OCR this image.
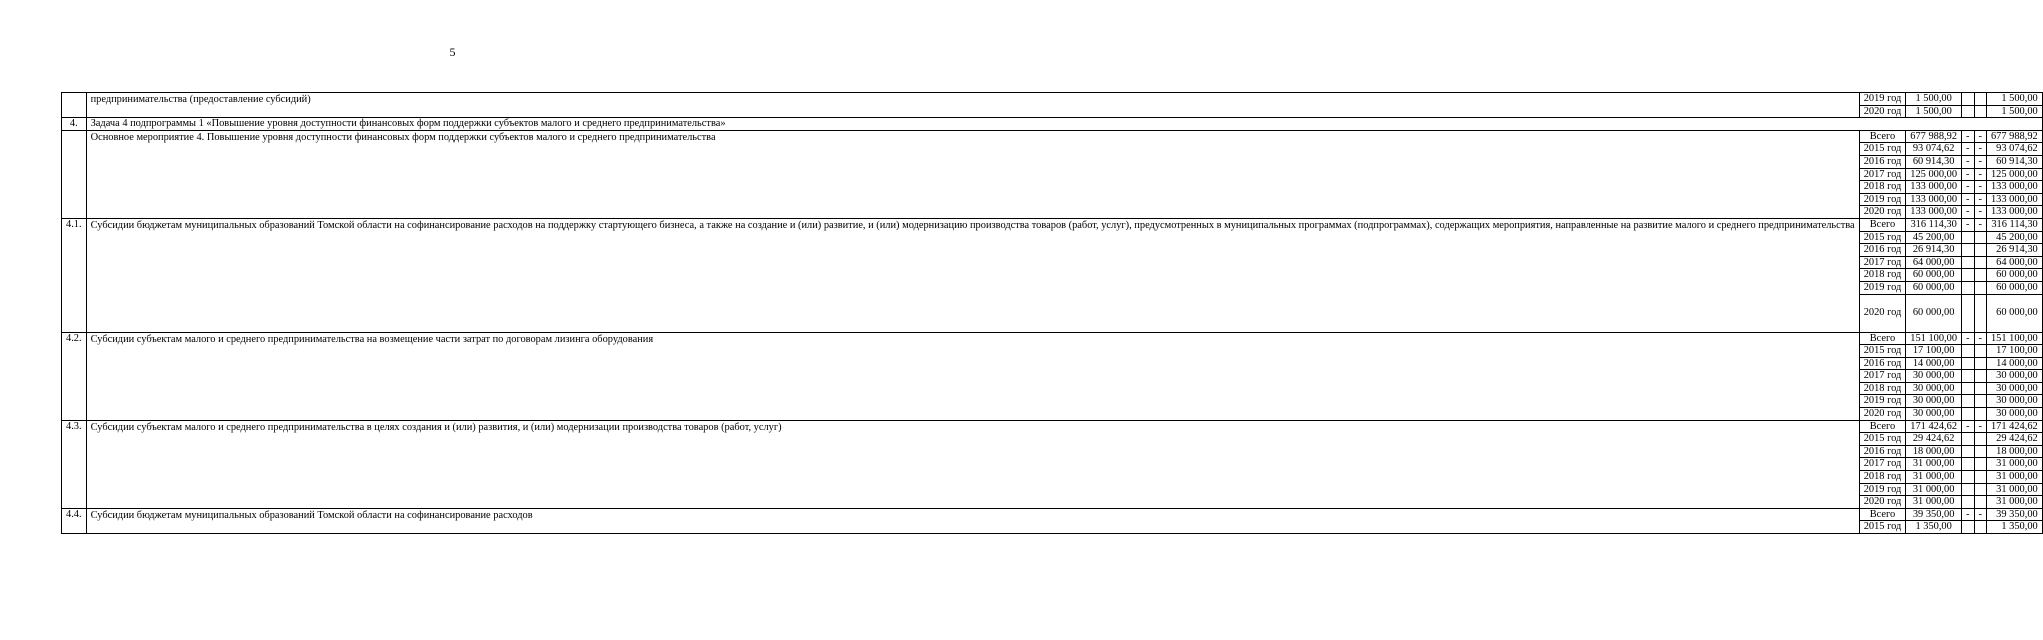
5
	предпринимательства (предоставление субсидий)	2019 год	1 500,00			1 500,00
		2020 год	1 500,00			1 500,00
4.	Задача 4 подпрограммы 1 «Повышение уровня доступности финансовых форм поддержки субъектов малого и среднего предпринимательства»					
	Основное мероприятие 4. Повышение уровня доступности финансовых форм поддержки субъектов малого и среднего предпринимательства	Всего	677 988,92	-	-	677 988,92
		2015 год	93 074,62	-	-	93 074,62
		2016 год	60 914,30	-	-	60 914,30
		2017 год	125 000,00	-	-	125 000,00
		2018 год	133 000,00	-	-	133 000,00
		2019 год	133 000,00	-	-	133 000,00
		2020 год	133 000,00	-	-	133 000,00
4.1.	Субсидии бюджетам муниципальных образований Томской области на софинансирование расходов на поддержку стартующего бизнеса, а также на создание и (или) развитие, и (или) модернизацию производства товаров (работ, услуг), предусмотренных в муниципальных программах (подпрограммах), содержащих мероприятия, направленные на развитие малого и среднего предпринимательства	Всего	316 114,30	-	-	316 114,30
		2015 год	45 200,00			45 200,00
		2016 год	26 914,30			26 914,30
		2017 год	64 000,00			64 000,00
		2018 год	60 000,00			60 000,00
		2019 год	60 000,00			60 000,00
		2020 год	60 000,00			60 000,00
4.2.	Субсидии субъектам малого и среднего предпринимательства на возмещение части затрат по договорам лизинга оборудования	Всего	151 100,00	-	-	151 100,00
		2015 год	17 100,00			17 100,00
		2016 год	14 000,00			14 000,00
		2017 год	30 000,00			30 000,00
		2018 год	30 000,00			30 000,00
		2019 год	30 000,00			30 000,00
		2020 год	30 000,00			30 000,00
4.3.	Субсидии субъектам малого и среднего предпринимательства в целях создания и (или) развития, и (или) модернизации производства товаров (работ, услуг)	Всего	171 424,62	-	-	171 424,62
		2015 год	29 424,62			29 424,62
		2016 год	18 000,00			18 000,00
		2017 год	31 000,00			31 000,00
		2018 год	31 000,00			31 000,00
		2019 год	31 000,00			31 000,00
		2020 год	31 000,00			31 000,00
4.4.	Субсидии бюджетам муниципальных образований Томской области на софинансирование расходов	Всего	39 350,00	-	-	39 350,00
		2015 год	1 350,00			1 350,00
